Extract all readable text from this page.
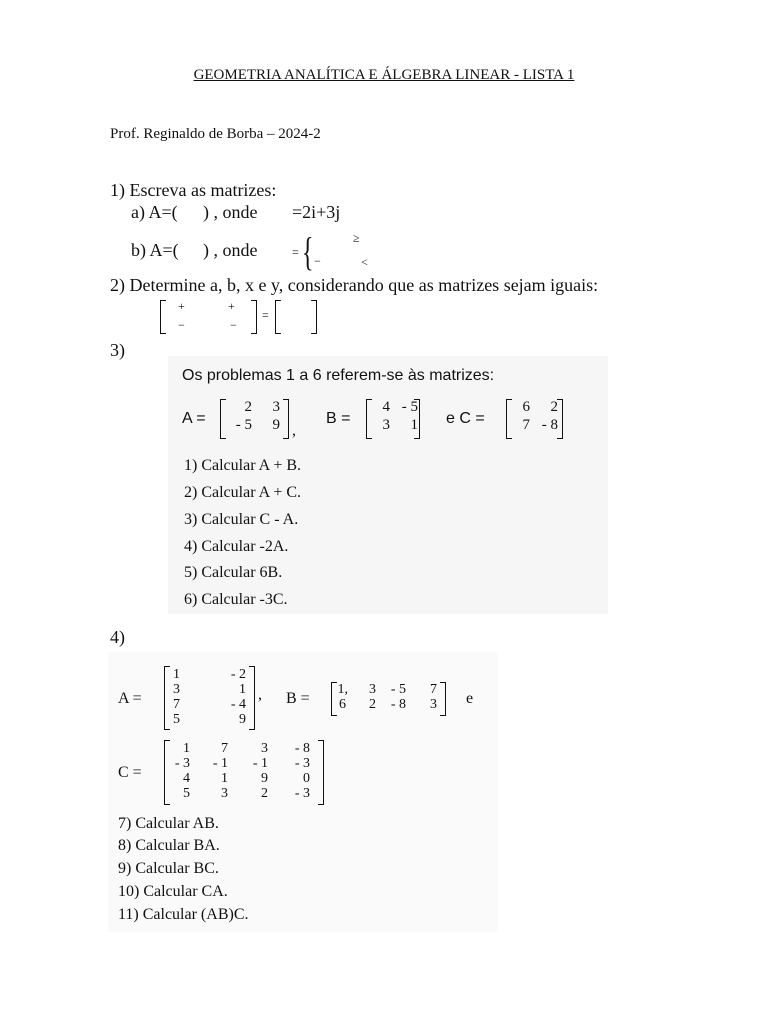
GEOMETRIA ANALÍTICA E ÁLGEBRA LINEAR - LISTA 1
Prof. Reginaldo de Borba – 2024-2
1) Escreva as matrizes:
a) A=( ) , onde =2i+3j
b) A=( ) , onde	= {	≥
−	<
2) Determine a, b, x e y, considerando que as matrizes sejam iguais:
+	+
−	−
=
3)
Os problemas 1 a 6 referem-se às matrizes:
A =
2	3
- 5	9 ,
B =
4 - 5
3	1 e C =
6	2
7 - 8
1) Calcular A + B.
2) Calcular A + C.
3) Calcular C - A.
4) Calcular -2A.
5) Calcular 6B.
6) Calcular -3C.
4)
A =
1	- 2
3	1
7	- 4
5	9
, B =
1,	3	- 5	7
6	2	- 8	3 e
C =
1	7	3	- 8
- 3	- 1	- 1	- 3
4	1	9	0
5	3	2	- 3
7) Calcular AB.
8) Calcular BA.
9) Calcular BC.
10) Calcular CA.
11) Calcular (AB)C.
